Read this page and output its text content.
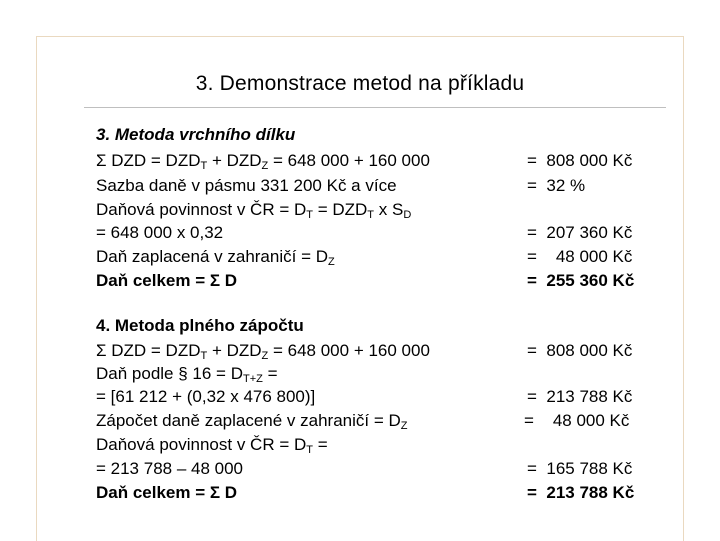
3. Demonstrace metod na příkladu
3. Metoda vrchního dílku
Σ DZD = $DZD_T + DZD_Z = 648$ 000 + 160 000	=  808 000 Kč
Sazba daně v pásmu 331 200 Kč a více	=  32 %
Daňová povinnost v ČR = $D_T = DZD_T$ x $S_D$
= 648 000 x 0,32	=  207 360 Kč
Daň zaplacená v zahraničí = $D_Z$	=    48 000 Kč
Daň celkem = Σ D	=  255 360 Kč
4. Metoda plného zápočtu
Σ DZD = $DZD_T + DZD_Z = 648$ 000 + 160 000	=  808 000 Kč
Daň podle § $16 = D_{T+Z}$ =
= [61 212 + (0,32 x 476 800)]	=  213 788 Kč
Zápočet daně zaplacené v zahraničí = $D_Z$	=    48 000 Kč
Daňová povinnost v ČR = $D_T$ =
= 213 788 – 48 000	=  165 788 Kč
Daň celkem = Σ D	=  213 788 Kč
